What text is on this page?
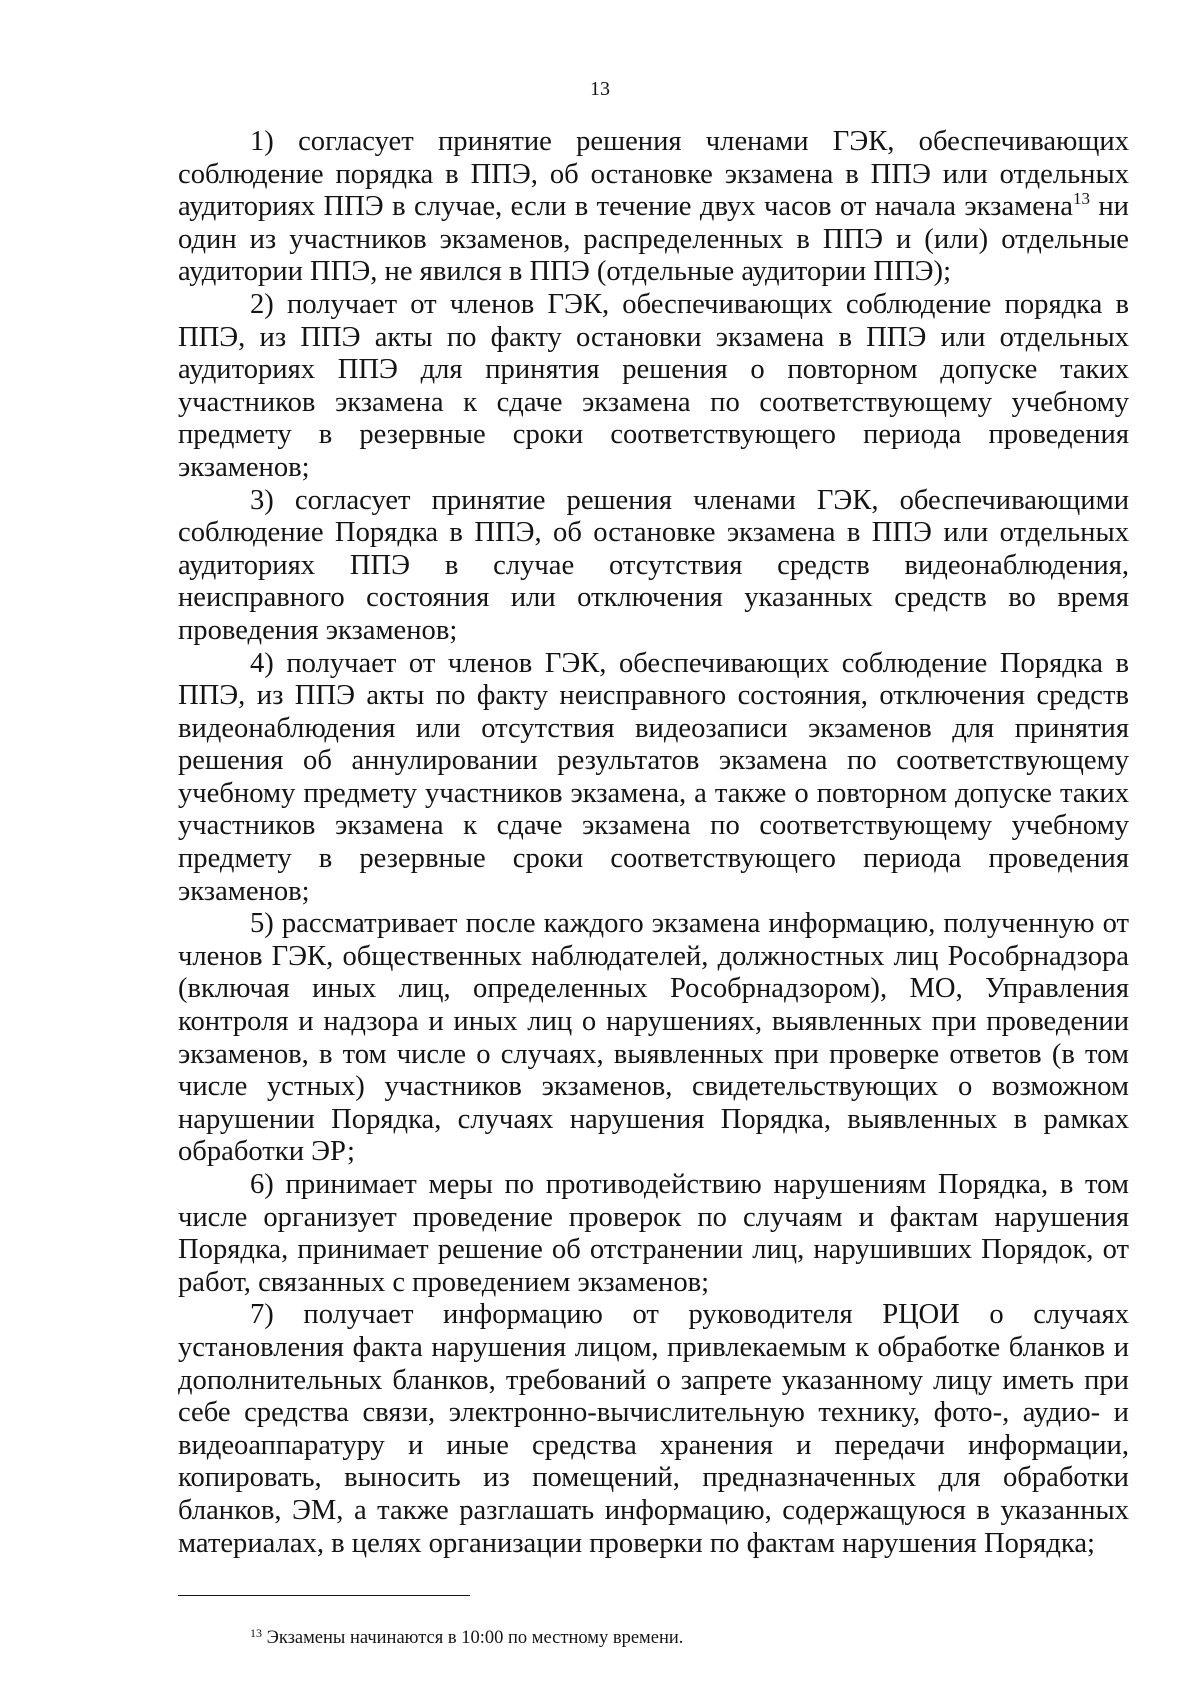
13

1) согласует принятие решения членами ГЭК, обеспечивающих соблюдение порядка в ППЭ, об остановке экзамена в ППЭ или отдельных аудиториях ППЭ в случае, если в течение двух часов от начала экзамена$^{13}$ ни один из участников экзаменов, распределенных в ППЭ и (или) отдельные аудитории ППЭ, не явился в ППЭ (отдельные аудитории ППЭ);

2) получает от членов ГЭК, обеспечивающих соблюдение порядка в ППЭ, из ППЭ акты по факту остановки экзамена в ППЭ или отдельных аудиториях ППЭ для принятия решения о повторном допуске таких участников экзамена к сдаче экзамена по соответствующему учебному предмету в резервные сроки соответствующего периода проведения экзаменов;

3) согласует принятие решения членами ГЭК, обеспечивающими соблюдение Порядка в ППЭ, об остановке экзамена в ППЭ или отдельных аудиториях ППЭ в случае отсутствия средств видеонаблюдения, неисправного состояния или отключения указанных средств во время проведения экзаменов;

4) получает от членов ГЭК, обеспечивающих соблюдение Порядка в ППЭ, из ППЭ акты по факту неисправного состояния, отключения средств видеонаблюдения или отсутствия видеозаписи экзаменов для принятия решения об аннулировании результатов экзамена по соответствующему учебному предмету участников экзамена, а также о повторном допуске таких участников экзамена к сдаче экзамена по соответствующему учебному предмету в резервные сроки соответствующего периода проведения экзаменов;

5) рассматривает после каждого экзамена информацию, полученную от членов ГЭК, общественных наблюдателей, должностных лиц Рособрнадзора (включая иных лиц, определенных Рособрнадзором), МО, Управления контроля и надзора и иных лиц о нарушениях, выявленных при проведении экзаменов, в том числе о случаях, выявленных при проверке ответов (в том числе устных) участников экзаменов, свидетельствующих о возможном нарушении Порядка, случаях нарушения Порядка, выявленных в рамках обработки ЭР;

6) принимает меры по противодействию нарушениям Порядка, в том числе организует проведение проверок по случаям и фактам нарушения Порядка, принимает решение об отстранении лиц, нарушивших Порядок, от работ, связанных с проведением экзаменов;

7) получает информацию от руководителя РЦОИ о случаях установления факта нарушения лицом, привлекаемым к обработке бланков и дополнительных бланков, требований о запрете указанному лицу иметь при себе средства связи, электронно-вычислительную технику, фото-, аудио- и видеоаппаратуру и иные средства хранения и передачи информации, копировать, выносить из помещений, предназначенных для обработки бланков, ЭМ, а также разглашать информацию, содержащуюся в указанных материалах, в целях организации проверки по фактам нарушения Порядка;

$^{13}$ Экзамены начинаются в 10:00 по местному времени.
